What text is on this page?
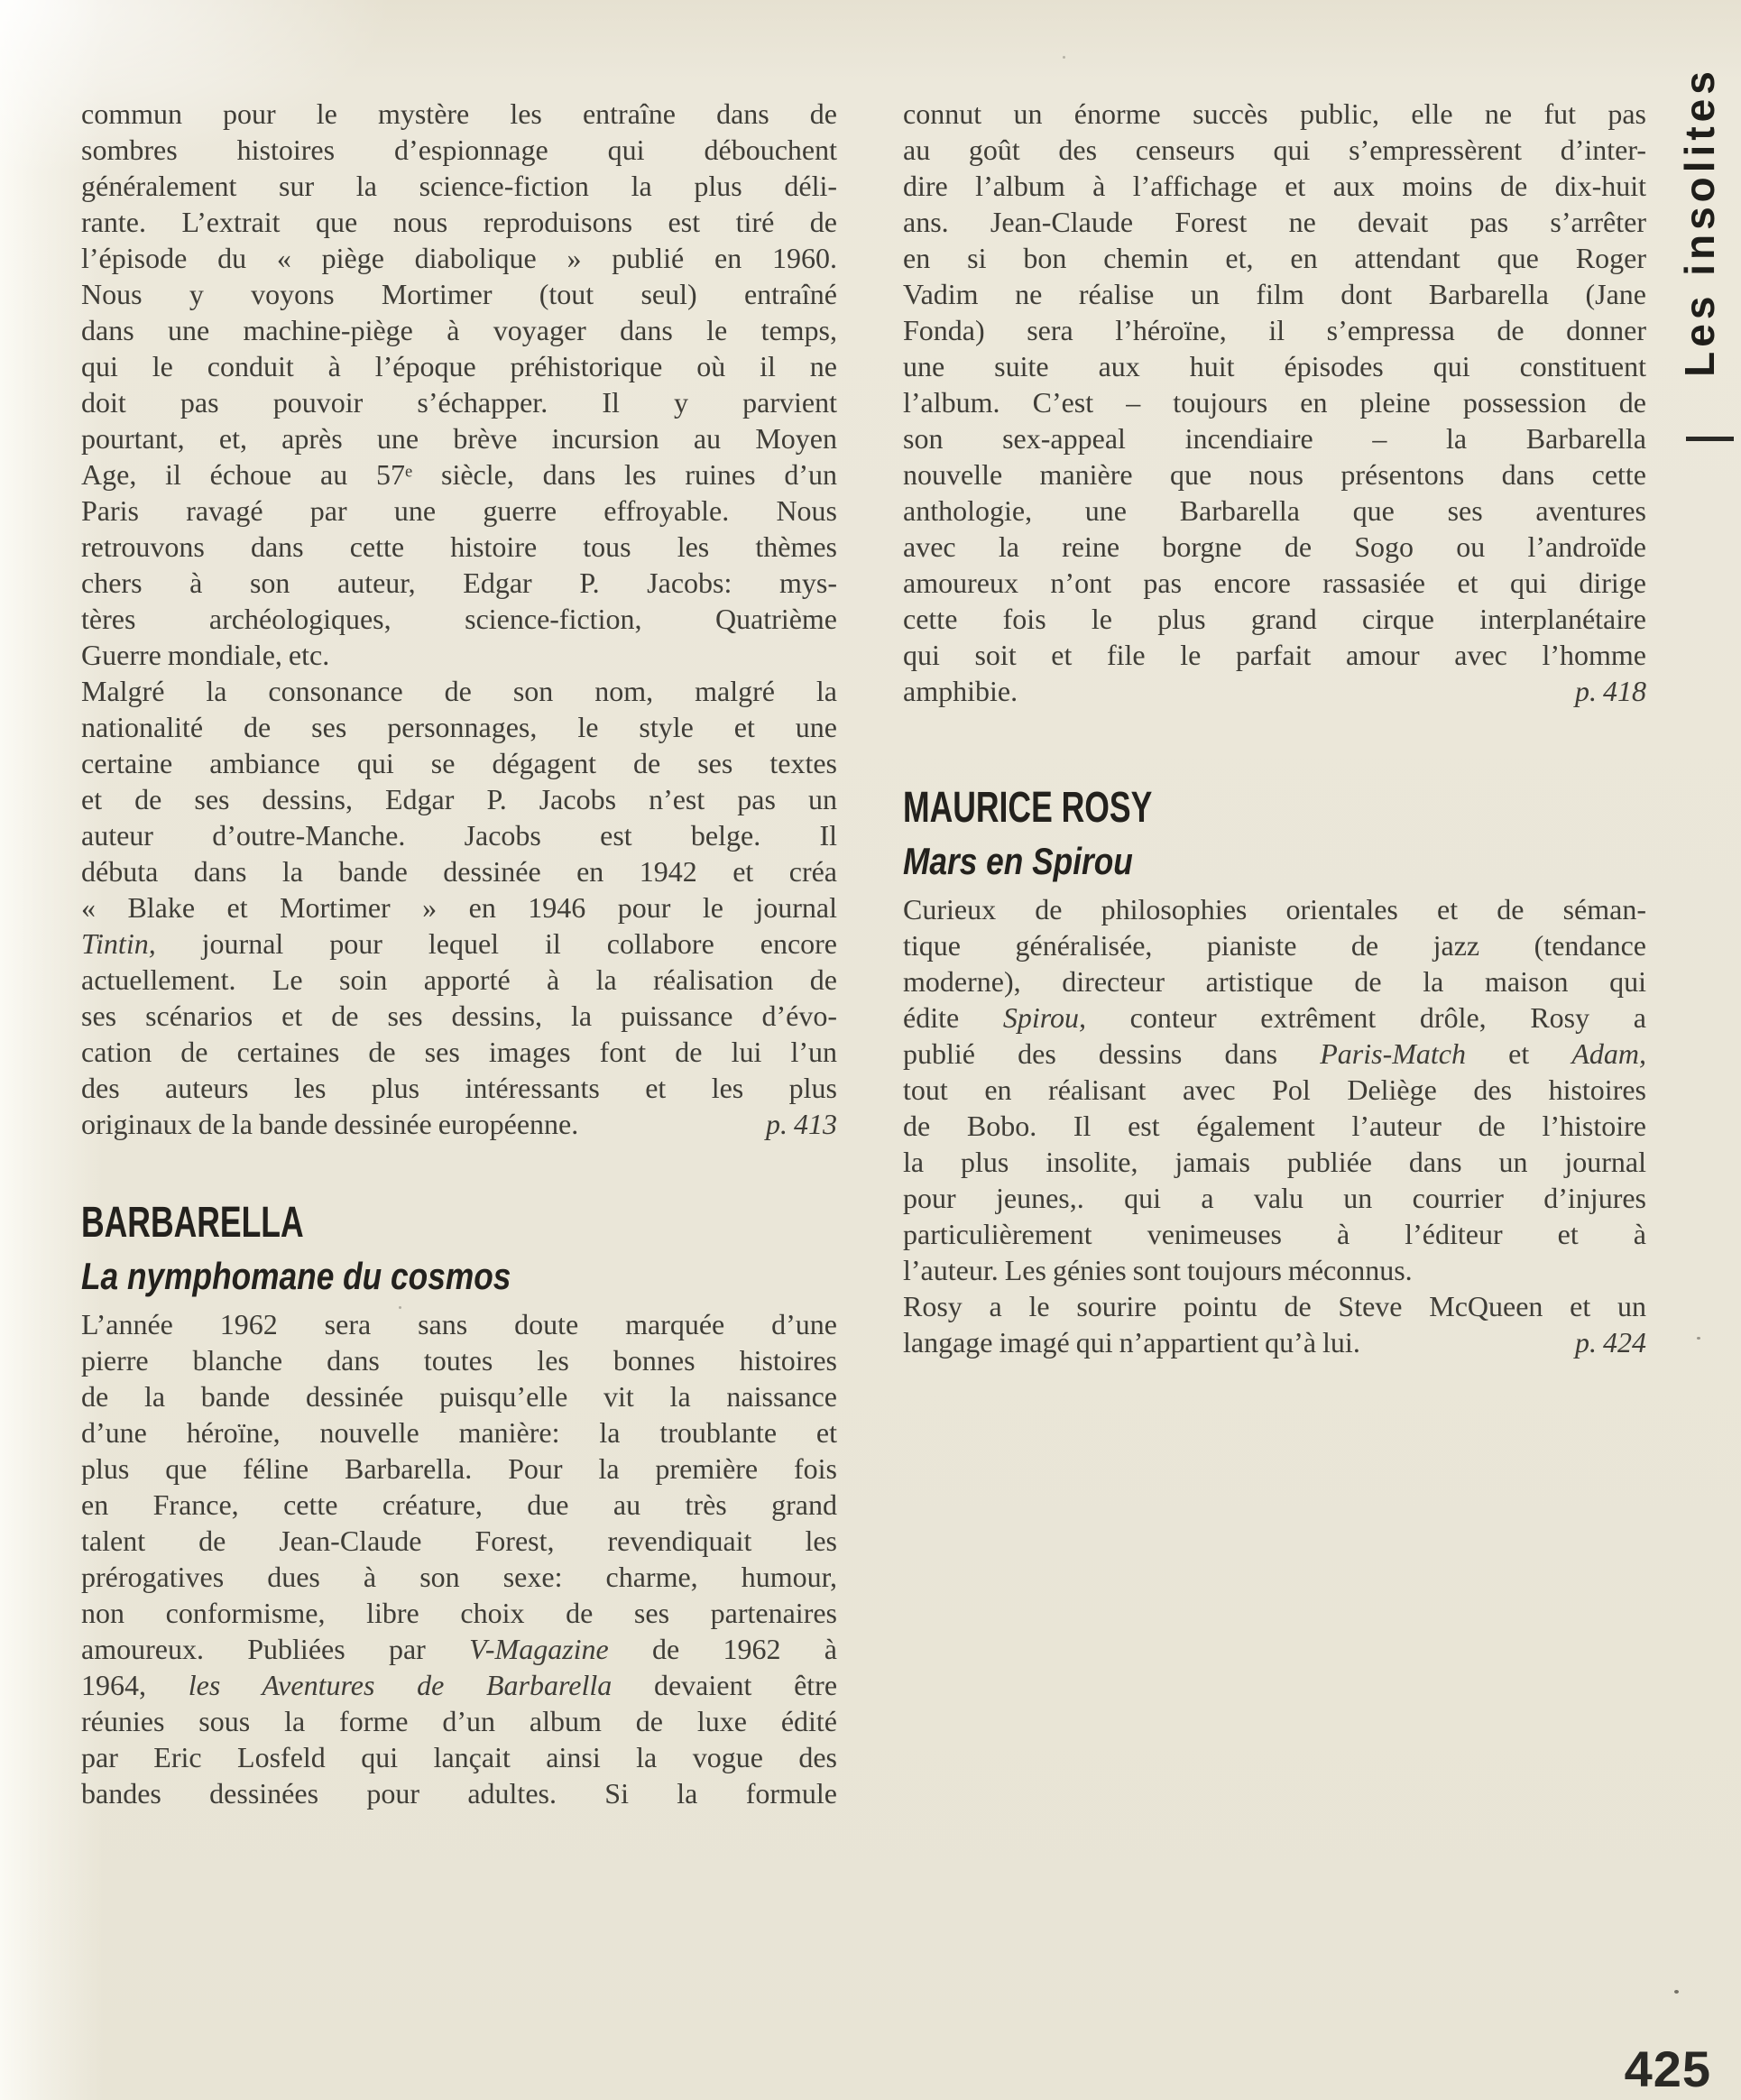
commun pour le mystère les entraîne dans de
sombres histoires d’espionnage qui débouchent
généralement sur la science-fiction la plus déli-
rante. L’extrait que nous reproduisons est tiré de
l’épisode du « piège diabolique » publié en 1960.
Nous y voyons Mortimer (tout seul) entraîné
dans une machine-piège à voyager dans le temps,
qui le conduit à l’époque préhistorique où il ne
doit pas pouvoir s’échapper. Il y parvient
pourtant, et, après une brève incursion au Moyen
Age, il échoue au 57e siècle, dans les ruines d’un
Paris ravagé par une guerre effroyable. Nous
retrouvons dans cette histoire tous les thèmes
chers à son auteur, Edgar P. Jacobs: mys-
tères archéologiques, science-fiction, Quatrième
Guerre mondiale, etc.
Malgré la consonance de son nom, malgré la
nationalité de ses personnages, le style et une
certaine ambiance qui se dégagent de ses textes
et de ses dessins, Edgar P. Jacobs n’est pas un
auteur d’outre-Manche. Jacobs est belge. Il
débuta dans la bande dessinée en 1942 et créa
« Blake et Mortimer » en 1946 pour le journal
Tintin, journal pour lequel il collabore encore
actuellement. Le soin apporté à la réalisation de
ses scénarios et de ses dessins, la puissance d’évo-
cation de certaines de ses images font de lui l’un
des auteurs les plus intéressants et les plus
originaux de la bande dessinée européenne.	p. 413
BARBARELLA
La nymphomane du cosmos
L’année 1962 sera sans doute marquée d’une
pierre blanche dans toutes les bonnes histoires
de la bande dessinée puisqu’elle vit la naissance
d’une héroïne, nouvelle manière: la troublante et
plus que féline Barbarella. Pour la première fois
en France, cette créature, due au très grand
talent de Jean-Claude Forest, revendiquait les
prérogatives dues à son sexe: charme, humour,
non conformisme, libre choix de ses partenaires
amoureux. Publiées par V-Magazine de 1962 à
1964, les Aventures de Barbarella devaient être
réunies sous la forme d’un album de luxe édité
par Eric Losfeld qui lançait ainsi la vogue des
bandes dessinées pour adultes. Si la formule
connut un énorme succès public, elle ne fut pas
au goût des censeurs qui s’empressèrent d’inter-
dire l’album à l’affichage et aux moins de dix-huit
ans. Jean-Claude Forest ne devait pas s’arrêter
en si bon chemin et, en attendant que Roger
Vadim ne réalise un film dont Barbarella (Jane
Fonda) sera l’héroïne, il s’empressa de donner
une suite aux huit épisodes qui constituent
l’album. C’est – toujours en pleine possession de
son sex-appeal incendiaire – la Barbarella
nouvelle manière que nous présentons dans cette
anthologie, une Barbarella que ses aventures
avec la reine borgne de Sogo ou l’androïde
amoureux n’ont pas encore rassasiée et qui dirige
cette fois le plus grand cirque interplanétaire
qui soit et file le parfait amour avec l’homme
amphibie.	p. 418
MAURICE ROSY
Mars en Spirou
Curieux de philosophies orientales et de séman-
tique généralisée, pianiste de jazz (tendance
moderne), directeur artistique de la maison qui
édite Spirou, conteur extrêment drôle, Rosy a
publié des dessins dans Paris-Match et Adam,
tout en réalisant avec Pol Deliège des histoires
de Bobo. Il est également l’auteur de l’histoire
la plus insolite, jamais publiée dans un journal
pour jeunes,. qui a valu un courrier d’injures
particulièrement venimeuses à l’éditeur et à
l’auteur. Les génies sont toujours méconnus.
Rosy a le sourire pointu de Steve McQueen et un
langage imagé qui n’appartient qu’à lui.	p. 424
Les insolites
425
